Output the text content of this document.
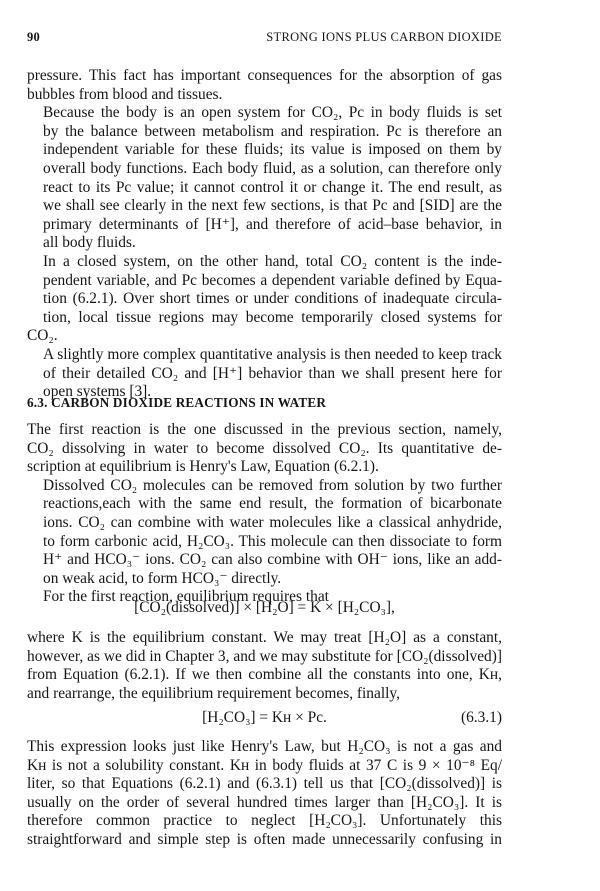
90	STRONG IONS PLUS CARBON DIOXIDE

pressure. This fact has important consequences for the absorption of gas
bubbles from blood and tissues.

Because the body is an open system for CO₂, Pc in body fluids is set
by the balance between metabolism and respiration. Pc is therefore an
independent variable for these fluids; its value is imposed on them by
overall body functions. Each body fluid, as a solution, can therefore only
react to its Pc value; it cannot control it or change it. The end result, as
we shall see clearly in the next few sections, is that Pc and [SID] are the
primary determinants of [H⁺], and therefore of acid–base behavior, in
all body fluids.

In a closed system, on the other hand, total CO₂ content is the inde-
pendent variable, and Pc becomes a dependent variable defined by Equa-
tion (6.2.1). Over short times or under conditions of inadequate circula-
tion, local tissue regions may become temporarily closed systems for CO₂.
A slightly more complex quantitative analysis is then needed to keep track
of their detailed CO₂ and [H⁺] behavior than we shall present here for
open systems [3].

6.3. CARBON DIOXIDE REACTIONS IN WATER

The first reaction is the one discussed in the previous section, namely,
CO₂ dissolving in water to become dissolved CO₂. Its quantitative de-
scription at equilibrium is Henry's Law, Equation (6.2.1).

Dissolved CO₂ molecules can be removed from solution by two further
reactions,each with the same end result, the formation of bicarbonate
ions. CO₂ can combine with water molecules like a classical anhydride,
to form carbonic acid, H₂CO₃. This molecule can then dissociate to form
H⁺ and HCO₃⁻ ions. CO₂ can also combine with OH⁻ ions, like an add-
on weak acid, to form HCO₃⁻ directly.

For the first reaction, equilibrium requires that

[CO₂(dissolved)] × [H₂O] = K × [H₂CO₃],

where K is the equilibrium constant. We may treat [H₂O] as a constant,
however, as we did in Chapter 3, and we may substitute for [CO₂(dissolved)]
from Equation (6.2.1). If we then combine all the constants into one, Kʜ,
and rearrange, the equilibrium requirement becomes, finally,

[H₂CO₃] = Kʜ × Pc.	(6.3.1)

This expression looks just like Henry's Law, but H₂CO₃ is not a gas and
Kʜ is not a solubility constant. Kʜ in body fluids at 37 C is 9 × 10⁻⁸ Eq/
liter, so that Equations (6.2.1) and (6.3.1) tell us that [CO₂(dissolved)] is
usually on the order of several hundred times larger than [H₂CO₃]. It is
therefore common practice to neglect [H₂CO₃]. Unfortunately this
straightforward and simple step is often made unnecessarily confusing in
